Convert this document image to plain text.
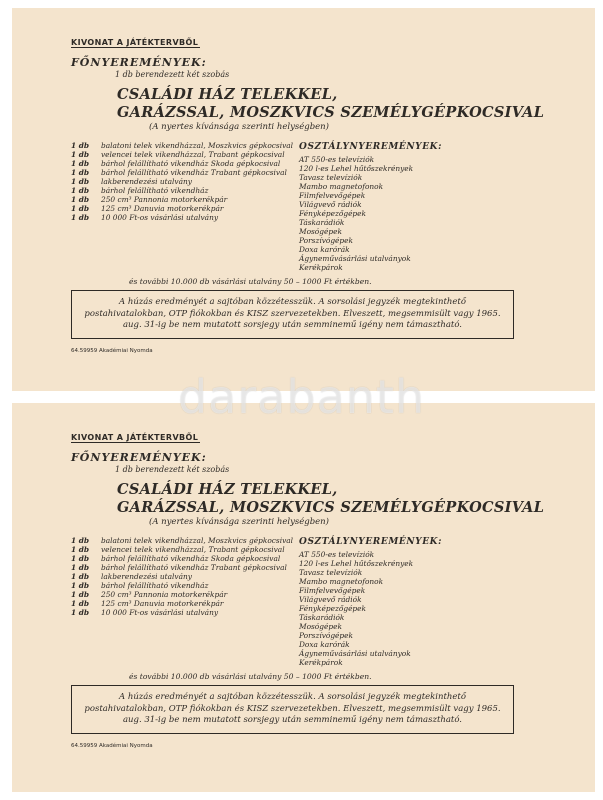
KIVONAT A JÁTÉKTERVBŐL
FŐNYEREMÉNYEK:
1 db berendezett két szobás
CSALÁDI HÁZ TELEKKEL,
GARÁZSSAL, MOSZKVICS SZEMÉLYGÉPKOCSIVAL
(A nyertes kívánsága szerinti helységben)
1 db	balatoni telek vikendházzal, Moszkvics gépkocsival
1 db	velencei telek vikendházzal, Trabant gépkocsival
1 db	bárhol felállítható vikendház Skoda gépkocsival
1 db	bárhol felállítható vikendház Trabant gépkocsival
1 db	lakberendezési utalvány
1 db	bárhol felállítható vikendház
1 db	250 cm³ Pannonia motorkerékpár
1 db	125 cm³ Danuvia motorkerékpár
1 db	10 000 Ft-os vásárlási utalvány
OSZTÁLYNYEREMÉNYEK:
AT 550-es televíziók
120 l-es Lehel hűtőszekrények
Tavasz televíziók
Mambo magnetofonok
Filmfelvevőgépek
Világvevő rádiók
Fényképezőgépek
Táskarádiók
Mosógépek
Porszívógépek
Doxa karórák
Ágyneművásárlási utalványok
Kerékpárok
és további 10.000 db vásárlási utalvány 50 – 1000 Ft értékben.
A húzás eredményét a sajtóban közzétesszük. A sorsolási jegyzék megtekinthető postahivatalokban, OTP fiókokban és KISZ szervezetekben. Elveszett, megsemmisült vagy 1965. aug. 31-ig be nem mutatott sorsjegy után semminemű igény nem támasztható.
64.59959 Akadémiai Nyomda
KIVONAT A JÁTÉKTERVBŐL
FŐNYEREMÉNYEK:
1 db berendezett két szobás
CSALÁDI HÁZ TELEKKEL,
GARÁZSSAL, MOSZKVICS SZEMÉLYGÉPKOCSIVAL
(A nyertes kívánsága szerinti helységben)
1 db	balatoni telek vikendházzal, Moszkvics gépkocsival
1 db	velencei telek vikendházzal, Trabant gépkocsival
1 db	bárhol felállítható vikendház Skoda gépkocsival
1 db	bárhol felállítható vikendház Trabant gépkocsival
1 db	lakberendezési utalvány
1 db	bárhol felállítható vikendház
1 db	250 cm³ Pannonia motorkerékpár
1 db	125 cm³ Danuvia motorkerékpár
1 db	10 000 Ft-os vásárlási utalvány
OSZTÁLYNYEREMÉNYEK:
AT 550-es televíziók
120 l-es Lehel hűtőszekrények
Tavasz televíziók
Mambo magnetofonok
Filmfelvevőgépek
Világvevő rádiók
Fényképezőgépek
Táskarádiók
Mosógépek
Porszívógépek
Doxa karórák
Ágyneművásárlási utalványok
Kerékpárok
és további 10.000 db vásárlási utalvány 50 – 1000 Ft értékben.
A húzás eredményét a sajtóban közzétesszük. A sorsolási jegyzék megtekinthető postahivatalokban, OTP fiókokban és KISZ szervezetekben. Elveszett, megsemmisült vagy 1965. aug. 31-ig be nem mutatott sorsjegy után semminemű igény nem támasztható.
64.59959 Akadémiai Nyomda
darabanth
